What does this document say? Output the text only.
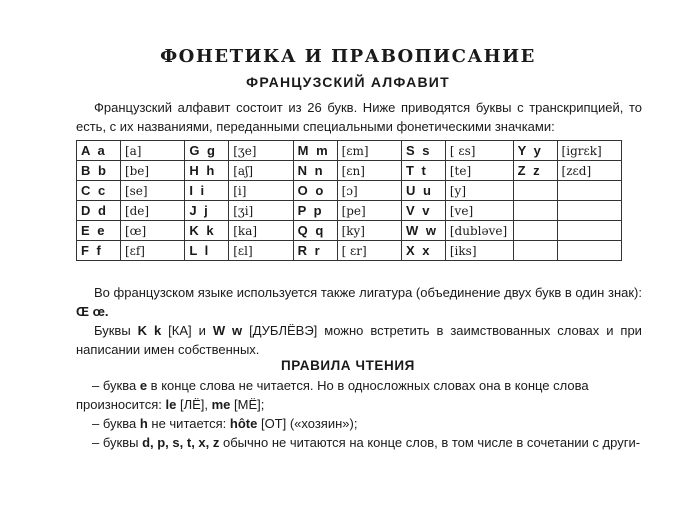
ФОНЕТИКА И ПРАВОПИСАНИЕ
ФРАНЦУЗСКИЙ АЛФАВИТ
Французский алфавит состоит из 26 букв. Ниже приводятся буквы с транскрипцией, то есть, с их названиями, переданными специальными фонетическими значками:
A a	[a]	G g	[ʒe]	M m	[ɛm]	S s	[ ɛs]	Y y	[igrɛk]
B b	[be]	H h	[aʃ]	N n	[ɛn]	T t	[te]	Z z	[zɛd]
C c	[se]	I i	[i]	O o	[ɔ]	U u	[y]		
D d	[de]	J j	[ʒi]	P p	[pe]	V v	[ve]		
E e	[œ]	K k	[ka]	Q q	[ky]	W w	[dublǝve]		
F f	[ɛf]	L l	[ɛl]	R r	[ ɛr]	X x	[iks]		
Во французском языке используется также лигатура (объединение двух букв в один знак): Œ œ.
Буквы K k [КА] и W w [ДУБЛЁВЭ] можно встретить в заимствованных словах и при написании имен собственных.
ПРАВИЛА ЧТЕНИЯ
– буква e в конце слова не читается. Но в односложных словах она в конце слова произносится: le [ЛЁ], me [МЁ];
– буква h не читается: hôte [ОТ] («хозяин»);
– буквы d, p, s, t, x, z обычно не читаются на конце слов, в том числе в сочетании с други-
